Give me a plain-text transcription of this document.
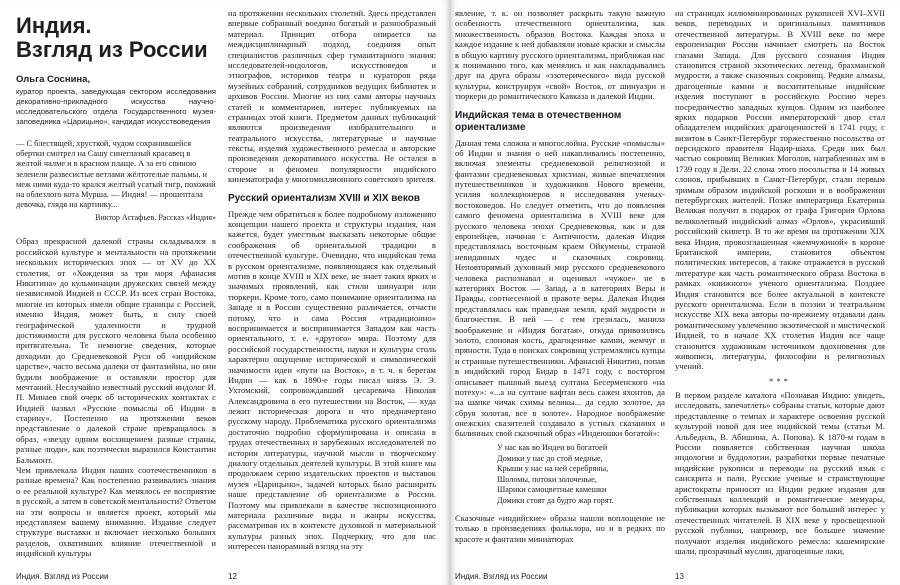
Индия.
Взгляд из России
Ольга Соснина,
куратор проекта, заведующая сектором исследования декоративно-прикладного искусства научно-исследовательского отдела Государственного музея-заповедника «Царицыно», кандидат искусствоведения
— С блестящей, хрусткой, чудом сохранившейся обертки смотрел на Сашу синеглазый красавец в желтой чалме и в красном плаще. А за его спиною зеленели развесистые ветлами жёлтотелые пальмы, и меж ними куда-то крался желтый усатый тигр, похожий на облезлого кота Мурша. — Индия! — прошептала девочка, глядя на картинку...
Виктор Астафьев. Рассказ «Индия»

Образ прекрасной далекой страны складывался в российской культуре и ментальности на протяжении нескольких исторических эпох — от XV до XX столетия, от «Хождения за три моря Афанасия Никитина» до кульминации дружеских связей между независимой Индией и СССР. Из всех стран Востока, многие из которых имели общие границы с Россией, именно Индия, может быть, в силу своей географической удаленности и трудной достижимости для русского человека была особенно притягательна. Те немногие сведения, которые доходили до Средневековой Руси об «индийском царстве», часто весьма далеки от фантазийны, но они будили воображение и оставляли простор для мечтаний. Неслучайно известный русский индолог И. П. Минаев свой очерк об исторических контактах с Индией назвал «Русские помыслы об Индии в старину». Постепенно на протяжении веков представление о далекой стране превращалось в образ, «звезду одним восхищением разные страны, разные люди», как поэтически выразился Константин Бальмонт.

Чем привлекала Индия наших соотечественников в разные времена? Как постепенно развивались знания о ее реальной культуре? Как менялось ее восприятие в русской, а затем в советской ментальности? Ответом на эти вопросы и является проект, который мы представляем вашему вниманию. Издание следует структуре выставки и включает несколько больших разделов, охвативших влияние отечественной и индийской культуры

на протяжении нескольких столетий. Здесь представлен впервые собранный воедино богатый и разнообразный материал. Принцип отбора опирается на междисциплинарный подход, соединяя опыт специалистов различных сфер гуманитарного знания: исследователей-индологов, искусствоведов и этнографов, историков театра и кураторов ряда музейных собраний, сотрудников ведущих библиотек и архивов России. Многие из них сами авторы научных статей и комментариев, интерес публикуемых на страницах этой книги. Предметом данных публикаций являются произведения изобразительного и театрального искусства, литературные и научные тексты, изделия художественного ремесла и авторские произведения декоративного искусства. Не остался в стороне и феномен популярности индийского кинематографа у многомиллионного советского зрителя.

Русский ориентализм XVIII и XIX веков

Прежде чем обратиться к более подробному изложению концепции нашего проекта и структуры издания, нам кажется, будет уместным высказать некоторые общие соображения об ориентальной традиции в отечественной культуре. Очевидно, что индийская тема в русском ориентализме, появляющаяся как отдельный мотив в конце XVIII и XIX веке, не знает таких ярких и значимых проявлений, как стили шинуазри или тюркери. Кроме того, само понимание ориентализма на Западе и в России существенно различается, отчасти потому, что и сама Россия «традиционно» воспринимается и воспринимается Западом как часть ориентального, т. е. «другого» мира. Поэтому для российской государственности, науки и культуры столь характерно ощущение исторической и символической значимости идеи «пути на Восток», в т. ч. к берегам Индии — как в 1890-е годы писал князь Э. Э. Ухтомский, сопровождавший цесаревича Николая Александровича в его путешествии на Восток, — куда лежит историческая дорога и что предначертано русскому народу. Проблематика русского ориентализма достаточно подробно сформулирована и описана в трудах отечественных и зарубежных исследователей по истории литературы, научной мысли и творческому диалогу отдельных деятелей культуры. В этой книге мы продолжаем серию издательских проектов и выставок музея «Царицыно», задачей которых было расширить наше представление об ориентализме в России. Поэтому мы привлекали в качестве экспозиционного материала различные виды и жанры искусства, рассматривая их в контексте духовной и материальной культуры разных эпох. Подчеркну, что для нас интересен панорамный взгляд на эту

Индия. Взгляд из России	12

явление, т. к. он позволяет раскрыть такую важную особенность отечественного ориентализма, как множественность образов Востока. Каждая эпоха и каждое издание к ней добавляли новые краски и смыслы в общую картину русского ориентализма, приближая нас к пониманию того, как менялись и как накладывались друг на друга образы «эзотерического» вида русской культуры, конструируя «свой» Восток, от шинуазри и тюркери до романтического Кавказа и далекой Индии.

Индийская тема в отечественном ориентализме

Данная тема сложна и многослойна. Русские «помыслы» об Индии и знания о ней накапливались постепенно, включая элементы средневековой религиозной и фантазии средневековых христиан, живые впечатления путешественников и художников Нового времени, усилия коллекционеров и исследования ученых-востоковедов. Но следует отметить, что до появления самого феномена ориентализма в XVIII веке для русского человека эпохи Средневековья, как и для европейцев, начиная с Античности, далекая Индия представлялась восточным краем Ойкумены, страной невиданных чудес и сказочных сокровищ. Неповторимый духовный мир русского средневекового человека распознавал и оценивал «чужое» не в категориях Восток — Запад, а в категориях Веры и Правды, соотнесенной в правоте веры. Далекая Индия представлялась как праведная земля, край мудрости и благочестия. В ней — с тем грезилась, манила воображение и «Индия богатая», откуда привозились золото, слоновая кость, драгоценные камни, жемчуг и пряности. Туда в поисках сокровищ устремлялись купцы и странные путешественники. Афанасий Никитин, попав в индийский город Бидар в 1471 году, с восторгом описывает пышный выезд султана Бесерменского «на потеху»: «...а на султане кафтан весь сажен яхонтов, да на шапке чичак схимы великы... да седло золотое, да сбруя золотая, все в золоте». Народное воображение онежских сказителей создавало в устных сказаниях и былинных свой сказочный образ «Индеюшки богатой»:

У нас как во Индеи во богатоей
Домики у нас до стой медные,
Крыши у нас на ней серебряны,
Шоломы, потоки золоченые,
Шарики самоцветные камешки
Домики стоят да будто жар горят.

Сказочные «индийские» образы нашли воплощение не только в произведениях фольклора, но и в редких по красоте и фантазии миниатюрах

на страницах иллюминированных рукописей XVI–XVII веков, переводных и оригинальных памятников отечественной литературы. В XVIII веке по мере европеизации России начинает смотреть на Восток глазами Запада. Для русского сознания Индия становится страной экзотических легенд, брахманской мудрости, а также сказочных сокровищ. Редкие алмазы, драгоценные камни и восхитительные индийские изделия поступают в российскую Россию через посредничество западных купцов. Одним из наиболее ярких подарков России императорский двор стал обладателем индийских драгоценностей в 1741 году, с визитом в Санкт-Петербург торжественно посольства от персидского правителя Надир-шаха. Среди них был частью сокровищ Великих Моголов, награбленных им в 1739 году в Дели. 22 слона этого посольства и 14 живых слонов, прибывших в Санкт-Петербург, стали первым зримым образом индийской роскоши и в воображении петербургских жителей. Позже императрица Екатерина Великая получит в подарок от графа Григория Орлова великолепный индийский алмаз «Орлов», украсивший российский скипетр. В то же время на протяжении XIX века Индия, провозглашенная «жемчужиной» в короне Британской империи, становится объектом политических интересов, а также отражается в русской литературе как часть романтического образа Востока в рамках «книжного» ученого ориентализма. Позднее Индия становится все более актуальной в контексте русского ориентализма. Если в поэзии и театральном искусстве XIX века авторы по-прежнему отдавали дань романтическому увлечению экзотической и мистической Индией, то в начале XX столетия Индия все чаще становится художникам источником вдохновения для живописи, литературы, философии и религиозных учений.

***

В первом разделе каталога «Познавая Индию: увидеть, исследовать, запечатлеть» собраны статьи, которые дают представление о темпах и характере освоения русской культурой новой для нее индийской темы (статьи М. Альбедиль, В. Абишина, А. Попова). К 1870-м годам в России появляется собственная научная школа индологии и буддологии, разработки первые печатные индийские рукописи и переводы на русский язык с санскрита и пали. Русские ученые и странствующие аристократы приносят из Индии редкие издания для собственных коллекций и романтические мемуары, публикации которых вызывают все больший интерес у отечественных читателей. В XIX веке у просвещенной русской публики, например, все большее значение получают изделия индийского ремесла: кашемирские шали, прозрачный муслин, драгоценные лаки,

Индия. Взгляд из России	13
